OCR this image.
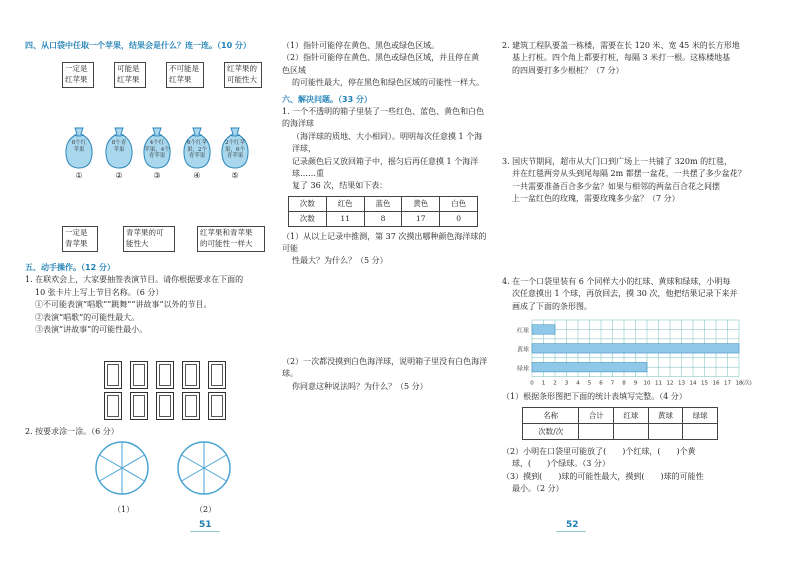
四、从口袋中任取一个苹果，结果会是什么？连一连。（10 分）

一定是
红苹果
可能是
红苹果
不可能是
红苹果
红苹果的
可能性大
8个红
苹果
①
8个青
苹果
②
4个红
苹果，4个
青苹果
③
6个红苹
果，2个
青苹果
④
2个红苹
果，6个
青苹果
⑤
一定是
青苹果
青苹果的可
能性大
红苹果和青苹果
的可能性一样大

五、动手操作。（12 分）

1. 在联欢会上，大家要抽签表演节目。请你根据要求在下面的

10 张卡片上写上节目名称。（6 分）

①不可能表演“唱歌”“跳舞”“讲故事”以外的节目。

②表演“唱歌”的可能性最大。

③表演“讲故事”的可能性最小。

2. 按要求涂一涂。（6 分）

（1）	（2）
51

（1）指针可能停在黄色、黑色或绿色区域。

（2）指针可能停在黄色、黑色或绿色区域，并且停在黄色区域

的可能性最大，停在黑色和绿色区域的可能性一样大。

六、解决问题。（33 分）

1. 一个不透明的箱子里装了一些红色、蓝色、黄色和白色的海洋球

（海洋球的质地、大小相同）。明明每次任意摸 1 个海洋球，

记录颜色后又放回箱子中，摇匀后再任意摸 1 个海洋球……重

复了 36 次，结果如下表：

次数	红色	蓝色	黄色	白色
次数	11	8	17	0

（1）从以上记录中推测，第 37 次摸出哪种颜色海洋球的可能

性最大？为什么？（5 分）

（2）一次都没摸到白色海洋球，说明箱子里没有白色海洋球。

你同意这种说法吗？为什么？（5 分）

2. 建筑工程队要盖一栋楼，需要在长 120 米、宽 45 米的长方形地

基上打桩。四个角上都要打桩，每隔 3 米打一根。这栋楼地基

的四周要打多少根桩？（7 分）

3. 国庆节期间，超市从大门口到广场上一共铺了 320m 的红毯，

并在红毯两旁从头到尾每隔 2m 都摆一盆花，一共摆了多少盆花？

一共需要准备百合多少盆？如果与相邻的两盆百合花之间摆

上一盆红色的玫瑰，需要玫瑰多少盆？（7 分）

4. 在一个口袋里装有 6 个同样大小的红球、黄球和绿球，小明每

次任意摸出 1 个球，再放回去，摸 30 次，他把结果记录下来并

画成了下面的条形图。

红球
黄球
绿球
0 1 2 3 4 5 6 7 8 9 10 11 12 13 14 15 16 17 18 (次)

（1）根据条形图把下面的统计表填写完整。（4 分）

名称	合计	红球	黄球	绿球
次数/次				

（2）小明在口袋里可能放了(　　)个红球，(　　)个黄

球，(　　)个绿球。（3 分）

（3）摸到(　　)球的可能性最大，摸到(　　)球的可能性

最小。（2 分）

52
